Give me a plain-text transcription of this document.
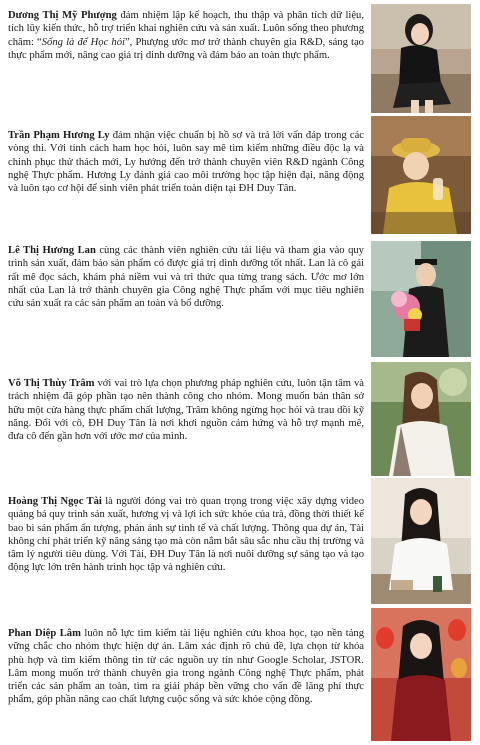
Dương Thị Mỹ Phượng đảm nhiệm lập kế hoạch, thu thập và phân tích dữ liệu, tích lũy kiến thức, hỗ trợ triển khai nghiên cứu và sản xuất. Luôn sống theo phương châm: “Sống là để Học hỏi”, Phượng ước mơ trở thành chuyên gia R&D, sáng tạo thực phẩm mới, nâng cao giá trị dinh dưỡng và đảm bảo an toàn thực phẩm.

Trần Phạm Hương Ly đảm nhận việc chuẩn bị hồ sơ và trả lời vấn đáp trong các vòng thi. Với tính cách ham học hỏi, luôn say mê tìm kiếm những điều độc lạ và chinh phục thử thách mới, Ly hướng đến trở thành chuyên viên R&D ngành Công nghệ Thực phẩm. Hương Ly đánh giá cao môi trường học tập hiện đại, năng động và luôn tạo cơ hội để sinh viên phát triển toàn diện tại ĐH Duy Tân.

Lê Thị Hương Lan cùng các thành viên nghiên cứu tài liệu và tham gia vào quy trình sản xuất, đảm bảo sản phẩm có được giá trị dinh dưỡng tốt nhất. Lan là cô gái rất mê đọc sách, khám phá niềm vui và tri thức qua từng trang sách. Ước mơ lớn nhất của Lan là trở thành chuyên gia Công nghệ Thực phẩm với mục tiêu nghiên cứu sản xuất ra các sản phẩm an toàn và bổ dưỡng.

Võ Thị Thùy Trâm với vai trò lựa chọn phương pháp nghiên cứu, luôn tận tâm và trách nhiệm đã góp phần tạo nên thành công cho nhóm. Mong muốn bản thân sở hữu một cửa hàng thực phẩm chất lượng, Trâm không ngừng học hỏi và trau dồi kỹ năng. Đối với cô, ĐH Duy Tân là nơi khơi nguồn cảm hứng và hỗ trợ mạnh mẽ, đưa cô đến gần hơn với ước mơ của mình.

Hoàng Thị Ngọc Tài là người đóng vai trò quan trọng trong việc xây dựng video quảng bá quy trình sản xuất, hương vị và lợi ích sức khỏe của trà, đồng thời thiết kế bao bì sản phẩm ấn tượng, phản ánh sự tinh tế và chất lượng. Thông qua dự án, Tài không chỉ phát triển kỹ năng sáng tạo mà còn nắm bắt sâu sắc nhu cầu thị trường và tâm lý người tiêu dùng. Với Tài, ĐH Duy Tân là nơi nuôi dưỡng sự sáng tạo và tạo động lực lớn trên hành trình học tập và nghiên cứu.

Phan Diệp Lâm luôn nỗ lực tìm kiếm tài liệu nghiên cứu khoa học, tạo nền tảng vững chắc cho nhóm thực hiện dự án. Lâm xác định rõ chủ đề, lựa chọn từ khóa phù hợp và tìm kiếm thông tin từ các nguồn uy tín như Google Scholar, JSTOR. Lâm mong muốn trở thành chuyên gia trong ngành Công nghệ Thực phẩm, phát triển các sản phẩm an toàn, tìm ra giải pháp bền vững cho vấn đề lãng phí thực phẩm, góp phần nâng cao chất lượng cuộc sống và sức khỏe cộng đồng.
